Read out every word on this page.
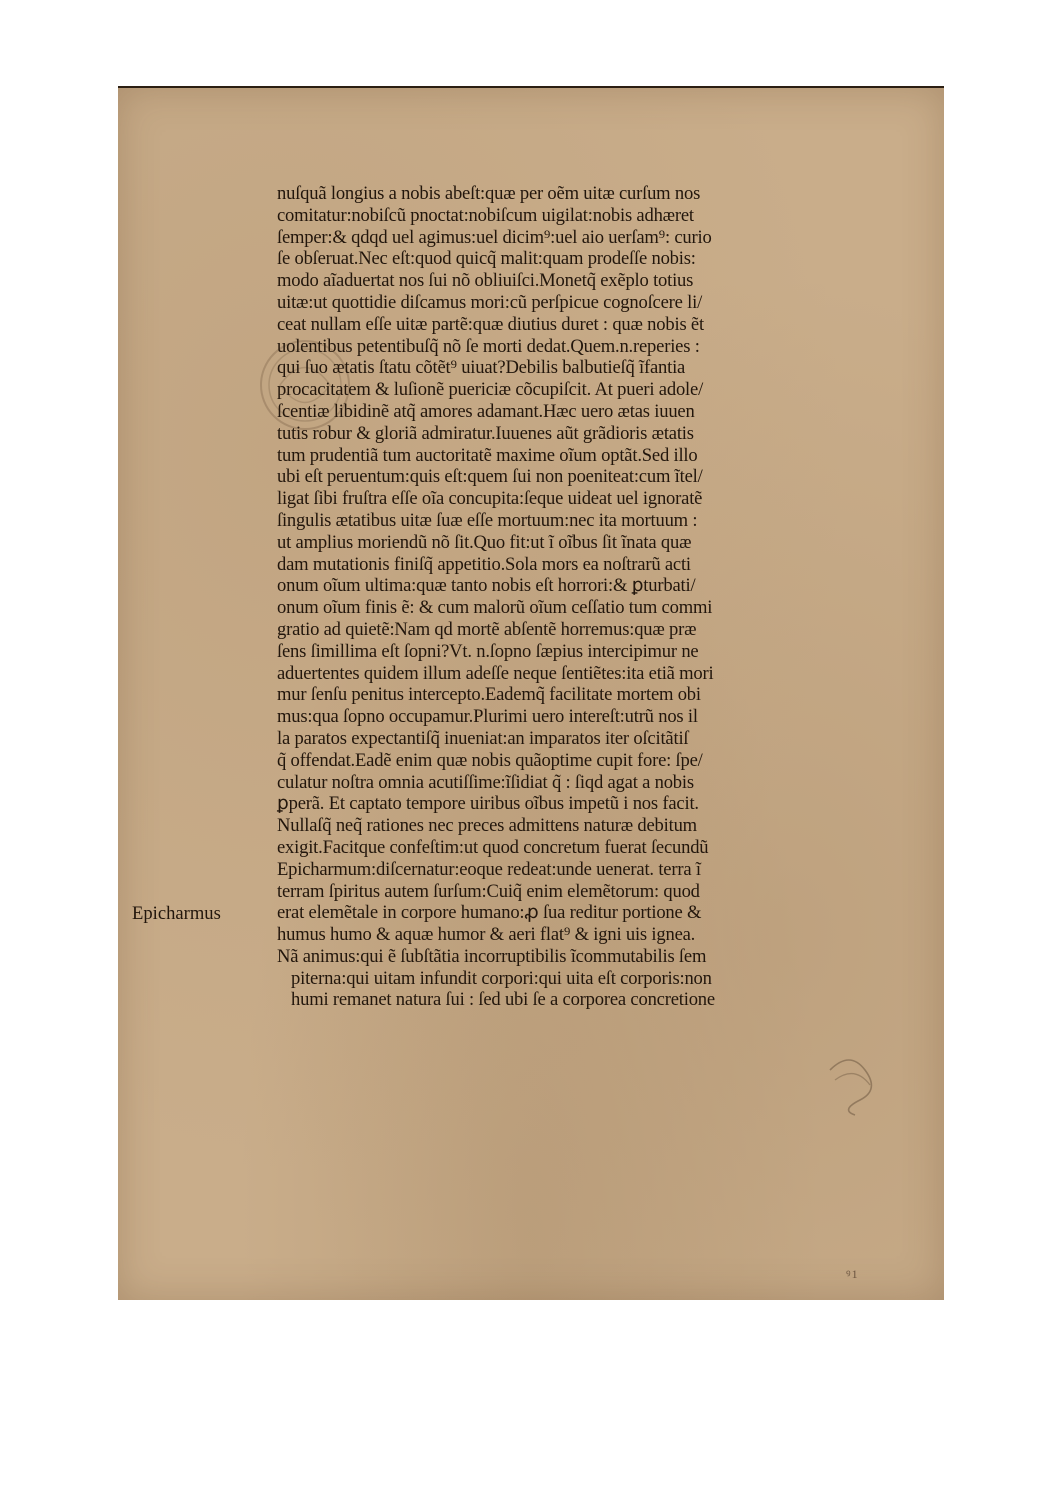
nuſquã longius a nobis abeſt:quæ per oẽm uitæ curſum nos
comitatur:nobiſcũ pnoctat:nobiſcum uigilat:nobis adhæret
ſemper:& qdqd uel agimus:uel dicim⁹:uel aio uerſam⁹: curio
ſe obſeruat.Nec eſt:quod quicq̃ malit:quam prodeſſe nobis:
modo aĩaduertat nos ſui nõ obliuiſci.Monetq̃ exẽplo totius
uitæ:ut quottidie diſcamus mori:cũ perſpicue cognoſcere li/
ceat nullam eſſe uitæ partẽ:quæ diutius duret : quæ nobis ẽt
uolentibus petentibuſq̃ nõ ſe morti dedat.Quem.n.reperies :
qui ſuo ætatis ſtatu cõtẽt⁹ uiuat?Debilis balbutieſq̃ ĩfantia
procacitatem & luſionẽ puericiæ cõcupiſcit. At pueri adole/
ſcentiæ libidinẽ atq̃ amores adamant.Hæc uero ætas iuuen
tutis robur & gloriã admiratur.Iuuenes aũt grãdioris ætatis
tum prudentiã tum auctoritatẽ maxime oĩum optãt.Sed illo
ubi eſt peruentum:quis eſt:quem ſui non poeniteat:cum ĩtel/
ligat ſibi fruſtra eſſe oĩa concupita:ſeque uideat uel ignoratẽ
ſingulis ætatibus uitæ ſuæ eſſe mortuum:nec ita mortuum :
ut amplius moriendũ nõ ſit.Quo fit:ut ĩ oĩbus ſit ĩnata quæ
dam mutationis finiſq̃ appetitio.Sola mors ea noſtrarũ acti
onum oĩum ultima:quæ tanto nobis eſt horrori:& ꝑturbati/
onum oĩum finis ẽ: & cum malorũ oĩum ceſſatio tum commi
gratio ad quietẽ:Nam qd mortẽ abſentẽ horremus:quæ præ
ſens ſimillima eſt ſopni?Vt. n.ſopno ſæpius intercipimur ne
aduertentes quidem illum adeſſe neque ſentiẽtes:ita etiã mori
mur ſenſu penitus intercepto.Eademq̃ facilitate mortem obi
mus:qua ſopno occupamur.Plurimi uero intereſt:utrũ nos il
la paratos expectantiſq̃ inueniat:an imparatos iter oſcitãtiſ
q̃ offendat.Eadẽ enim quæ nobis quãoptime cupit fore: ſpe/
culatur noſtra omnia acutiſſime:ĩſidiat q̃ : ſiqd agat a nobis
ꝑperã. Et captato tempore uiribus oĩbus impetũ i nos facit.
Nullaſq̃ neq̃ rationes nec preces admittens naturæ debitum
exigit.Facitque confeſtim:ut quod concretum fuerat ſecundũ
Epicharmum:diſcernatur:eoque redeat:unde uenerat. terra ĩ
terram ſpiritus autem ſurſum:Cuiq̃ enim elemẽtorum: quod
erat elemẽtale in corpore humano:ꝓ ſua reditur portione &
humus humo & aquæ humor & aeri flat⁹ & igni uis ignea.
Nã animus:qui ẽ ſubſtãtia incorruptibilis ĩcommutabilis ſem
piterna:qui uitam infundit corpori:qui uita eſt corporis:non
humi remanet natura ſui : ſed ubi ſe a corporea concretione
Epicharmus
ꝰ1
